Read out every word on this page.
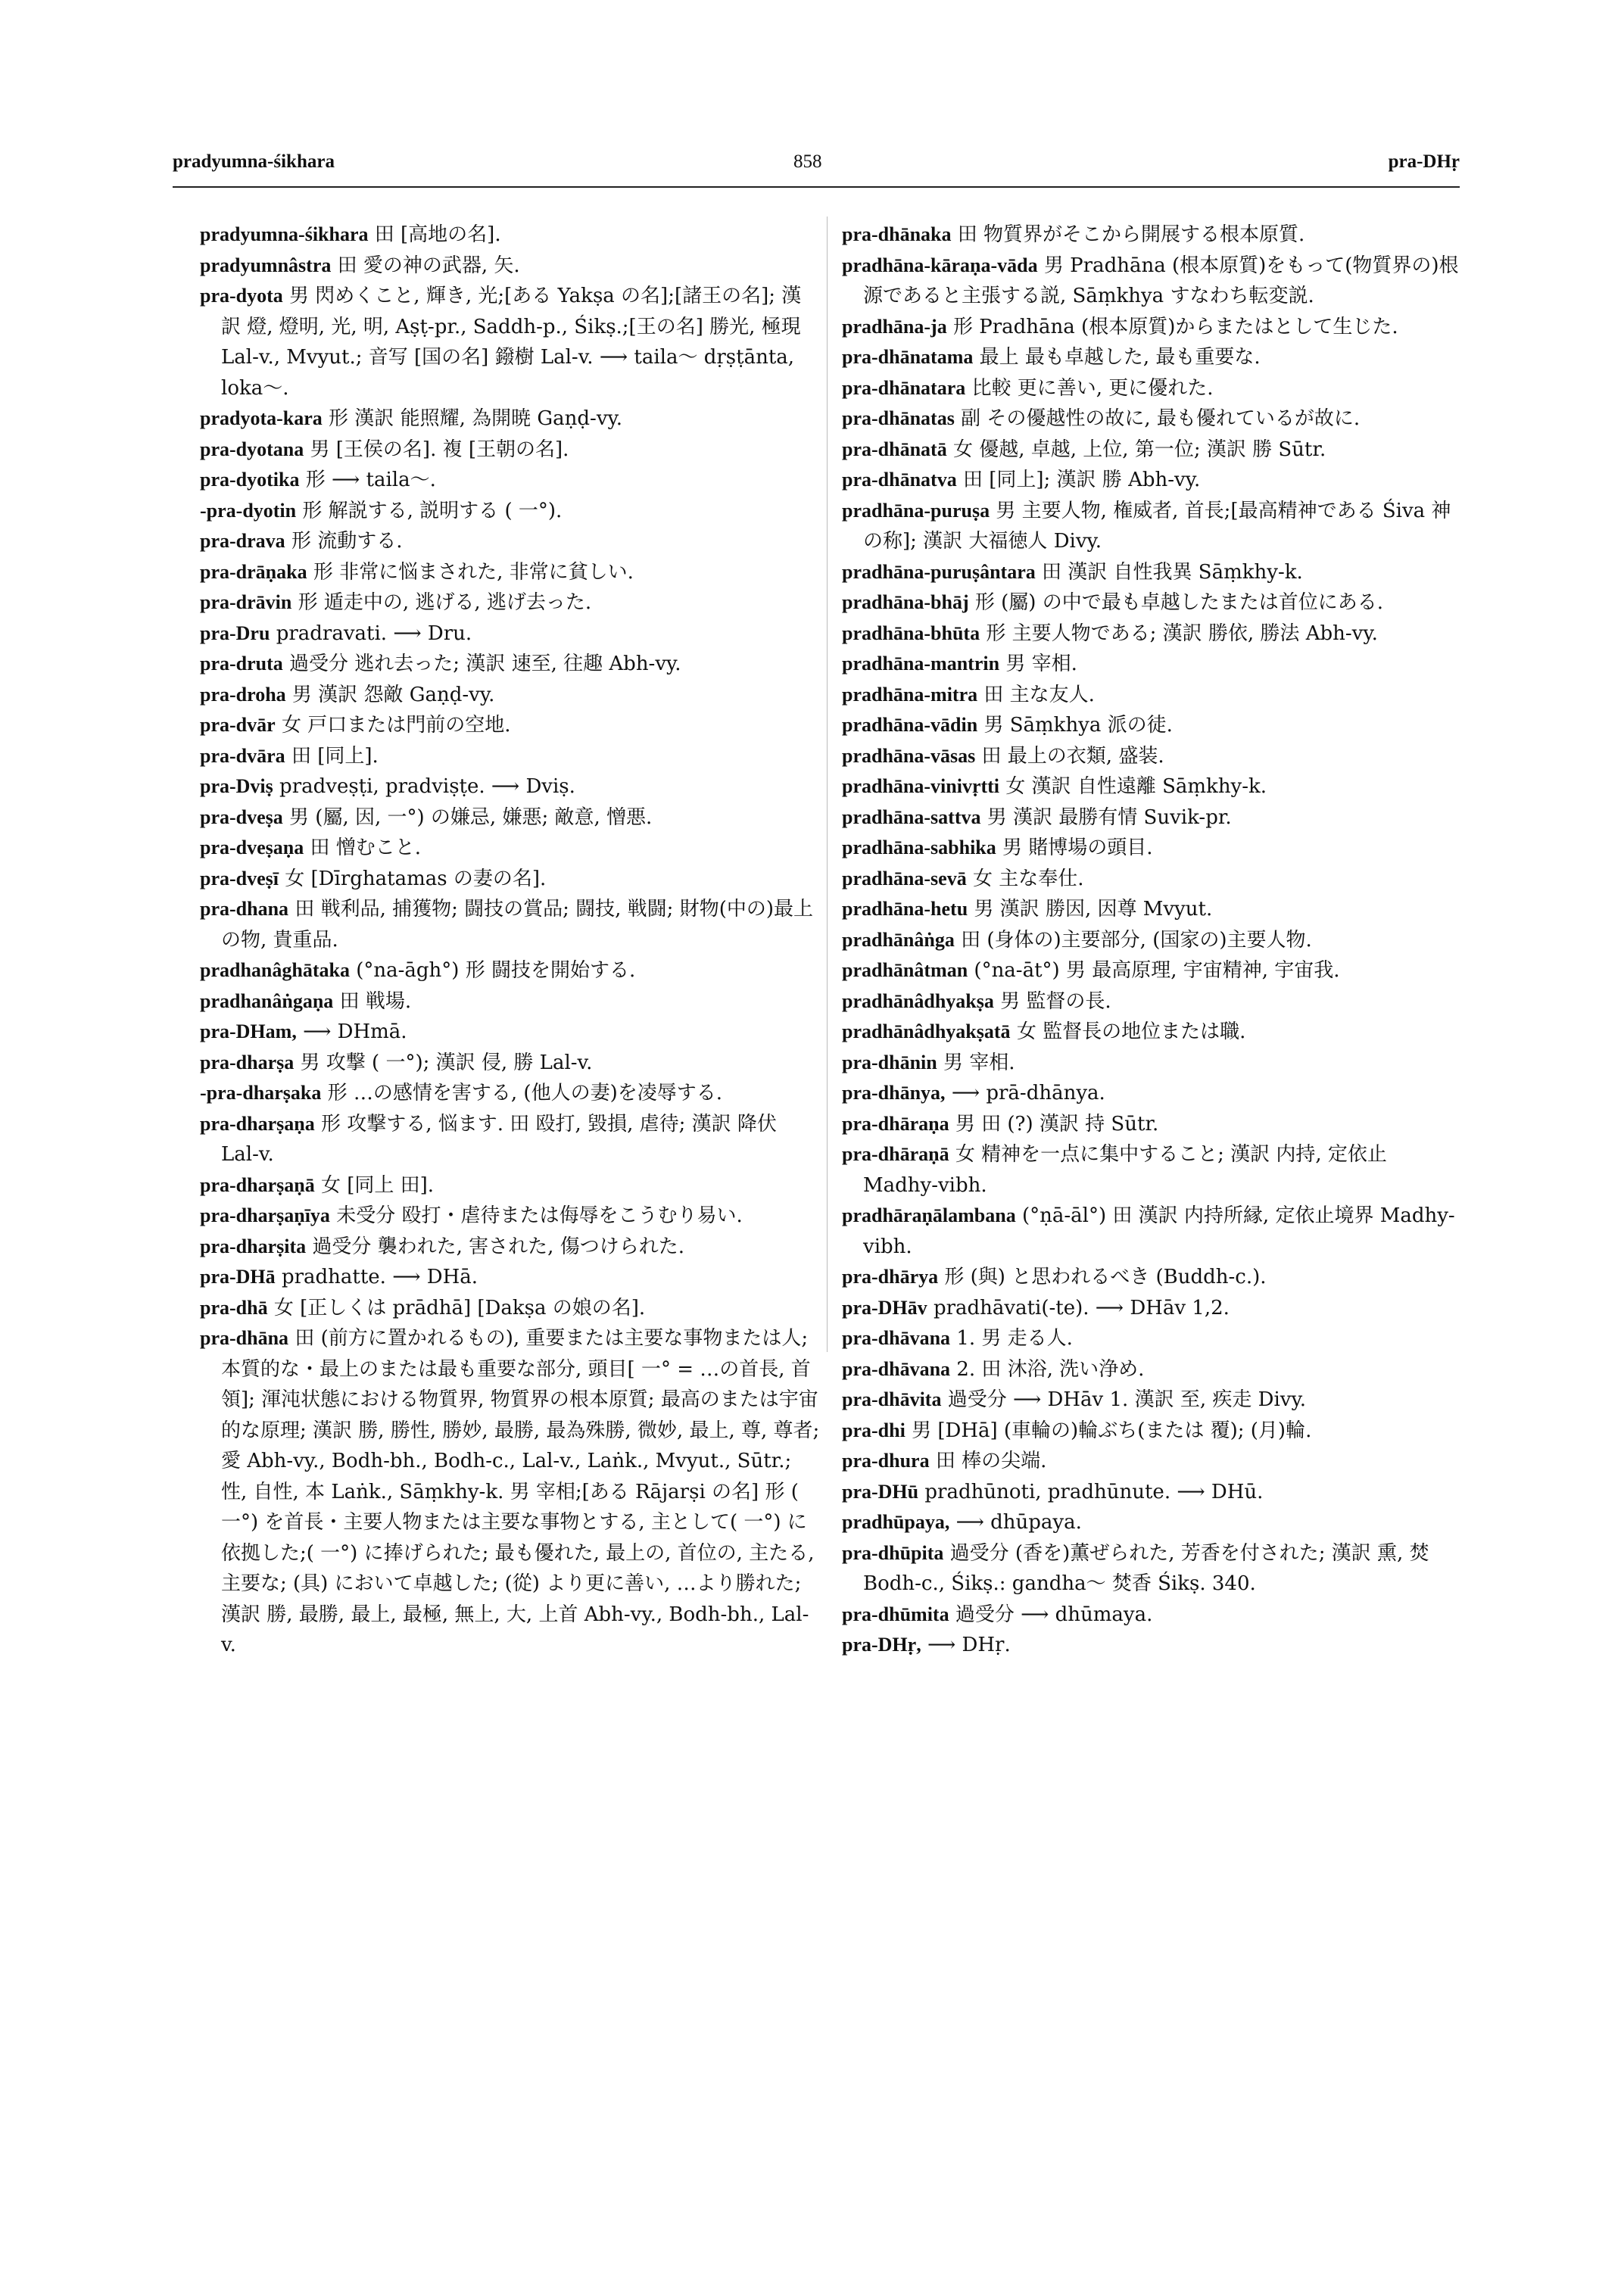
pradyumna-śikhara	858	pra-DHṛ

pradyumna-śikhara 田 [高地の名].

pradyumnâstra 田 愛の神の武器, 矢.

pra-dyota 男 閃めくこと, 輝き, 光;[ある Yakṣa の名];[諸王の名]; 漢訳 燈, 燈明, 光, 明, Aṣṭ-pr., Saddh-p., Śikṣ.;[王の名] 勝光, 極現 Lal-v., Mvyut.; 音写 [国の名] 鏺樹 Lal-v. ⟶ taila〜 dṛṣṭānta, loka〜.

pradyota-kara 形 漢訳 能照耀, 為開暁 Gaṇḍ-vy.

pra-dyotana 男 [王侯の名]. 複 [王朝の名].

pra-dyotika 形 ⟶ taila〜.

-pra-dyotin 形 解説する, 説明する ( 一°).

pra-drava 形 流動する.

pra-drāṇaka 形 非常に悩まされた, 非常に貧しい.

pra-drāvin 形 遁走中の, 逃げる, 逃げ去った.

pra-Dru pradravati. ⟶ Dru.

pra-druta 過受分 逃れ去った; 漢訳 速至, 往趣 Abh-vy.

pra-droha 男 漢訳 怨敵 Gaṇḍ-vy.

pra-dvār 女 戸口または門前の空地.

pra-dvāra 田 [同上].

pra-Dviṣ pradveṣṭi, pradviṣṭe. ⟶ Dviṣ.

pra-dveṣa 男 (屬, 因, 一°) の嫌忌, 嫌悪; 敵意, 憎悪.

pra-dveṣaṇa 田 憎むこと.

pra-dveṣī 女 [Dīrghatamas の妻の名].

pra-dhana 田 戦利品, 捕獲物; 闘技の賞品; 闘技, 戦闘; 財物(中の)最上の物, 貴重品.

pradhanâghātaka (°na-āgh°) 形 闘技を開始する.

pradhanâṅgaṇa 田 戦場.

pra-DHam, ⟶ DHmā.

pra-dharṣa 男 攻撃 ( 一°); 漢訳 侵, 勝 Lal-v.

-pra-dharṣaka 形 …の感情を害する, (他人の妻)を凌辱する.

pra-dharṣaṇa 形 攻撃する, 悩ます. 田 殴打, 毀損, 虐待; 漢訳 降伏 Lal-v.

pra-dharṣaṇā 女 [同上 田].

pra-dharṣaṇīya 未受分 殴打・虐待または侮辱をこうむり易い.

pra-dharṣita 過受分 襲われた, 害された, 傷つけられた.

pra-DHā pradhatte. ⟶ DHā.

pra-dhā 女 [正しくは prādhā] [Dakṣa の娘の名].

pra-dhāna 田 (前方に置かれるもの), 重要または主要な事物または人; 本質的な・最上のまたは最も重要な部分, 頭目[ 一° = …の首長, 首領]; 渾沌状態における物質界, 物質界の根本原質; 最高のまたは宇宙的な原理; 漢訳 勝, 勝性, 勝妙, 最勝, 最為殊勝, 微妙, 最上, 尊, 尊者; 愛 Abh-vy., Bodh-bh., Bodh-c., Lal-v., Laṅk., Mvyut., Sūtr.; 性, 自性, 本 Laṅk., Sāṃkhy-k. 男 宰相;[ある Rājarṣi の名] 形 ( 一°) を首長・主要人物または主要な事物とする, 主として( 一°) に依拠した;( 一°) に捧げられた; 最も優れた, 最上の, 首位の, 主たる, 主要な; (具) において卓越した; (從) より更に善い, …より勝れた; 漢訳 勝, 最勝, 最上, 最極, 無上, 大, 上首 Abh-vy., Bodh-bh., Lal-v.

pra-dhānaka 田 物質界がそこから開展する根本原質.

pradhāna-kāraṇa-vāda 男 Pradhāna (根本原質)をもって(物質界の)根源であると主張する説, Sāṃkhya すなわち転変説.

pradhāna-ja 形 Pradhāna (根本原質)からまたはとして生じた.

pra-dhānatama 最上 最も卓越した, 最も重要な.

pra-dhānatara 比較 更に善い, 更に優れた.

pra-dhānatas 副 その優越性の故に, 最も優れているが故に.

pra-dhānatā 女 優越, 卓越, 上位, 第一位; 漢訳 勝 Sūtr.

pra-dhānatva 田 [同上]; 漢訳 勝 Abh-vy.

pradhāna-puruṣa 男 主要人物, 権威者, 首長;[最高精神である Śiva 神の称]; 漢訳 大福徳人 Divy.

pradhāna-puruṣântara 田 漢訳 自性我異 Sāṃkhy-k.

pradhāna-bhāj 形 (屬) の中で最も卓越したまたは首位にある.

pradhāna-bhūta 形 主要人物である; 漢訳 勝依, 勝法 Abh-vy.

pradhāna-mantrin 男 宰相.

pradhāna-mitra 田 主な友人.

pradhāna-vādin 男 Sāṃkhya 派の徒.

pradhāna-vāsas 田 最上の衣類, 盛装.

pradhāna-vinivṛtti 女 漢訳 自性遠離 Sāṃkhy-k.

pradhāna-sattva 男 漢訳 最勝有情 Suvik-pr.

pradhāna-sabhika 男 賭博場の頭目.

pradhāna-sevā 女 主な奉仕.

pradhāna-hetu 男 漢訳 勝因, 因尊 Mvyut.

pradhānâṅga 田 (身体の)主要部分, (国家の)主要人物.

pradhānâtman (°na-āt°) 男 最高原理, 宇宙精神, 宇宙我.

pradhānâdhyakṣa 男 監督の長.

pradhānâdhyakṣatā 女 監督長の地位または職.

pra-dhānin 男 宰相.

pra-dhānya, ⟶ prā-dhānya.

pra-dhāraṇa 男 田 (?) 漢訳 持 Sūtr.

pra-dhāraṇā 女 精神を一点に集中すること; 漢訳 内持, 定依止 Madhy-vibh.

pradhāraṇālambana (°ṇā-āl°) 田 漢訳 内持所縁, 定依止境界 Madhy-vibh.

pra-dhārya 形 (與) と思われるべき (Buddh-c.).

pra-DHāv pradhāvati(-te). ⟶ DHāv 1,2.

pra-dhāvana 1. 男 走る人.

pra-dhāvana 2. 田 沐浴, 洗い浄め.

pra-dhāvita 過受分 ⟶ DHāv 1. 漢訳 至, 疾走 Divy.

pra-dhi 男 [DHā] (車輪の)輪ぶち(または 覆); (月)輪.

pra-dhura 田 棒の尖端.

pra-DHū pradhūnoti, pradhūnute. ⟶ DHū.

pradhūpaya, ⟶ dhūpaya.

pra-dhūpita 過受分 (香を)薫ぜられた, 芳香を付された; 漢訳 熏, 焚 Bodh-c., Śikṣ.: gandha〜 焚香 Śikṣ. 340.

pra-dhūmita 過受分 ⟶ dhūmaya.

pra-DHṛ, ⟶ DHṛ.
